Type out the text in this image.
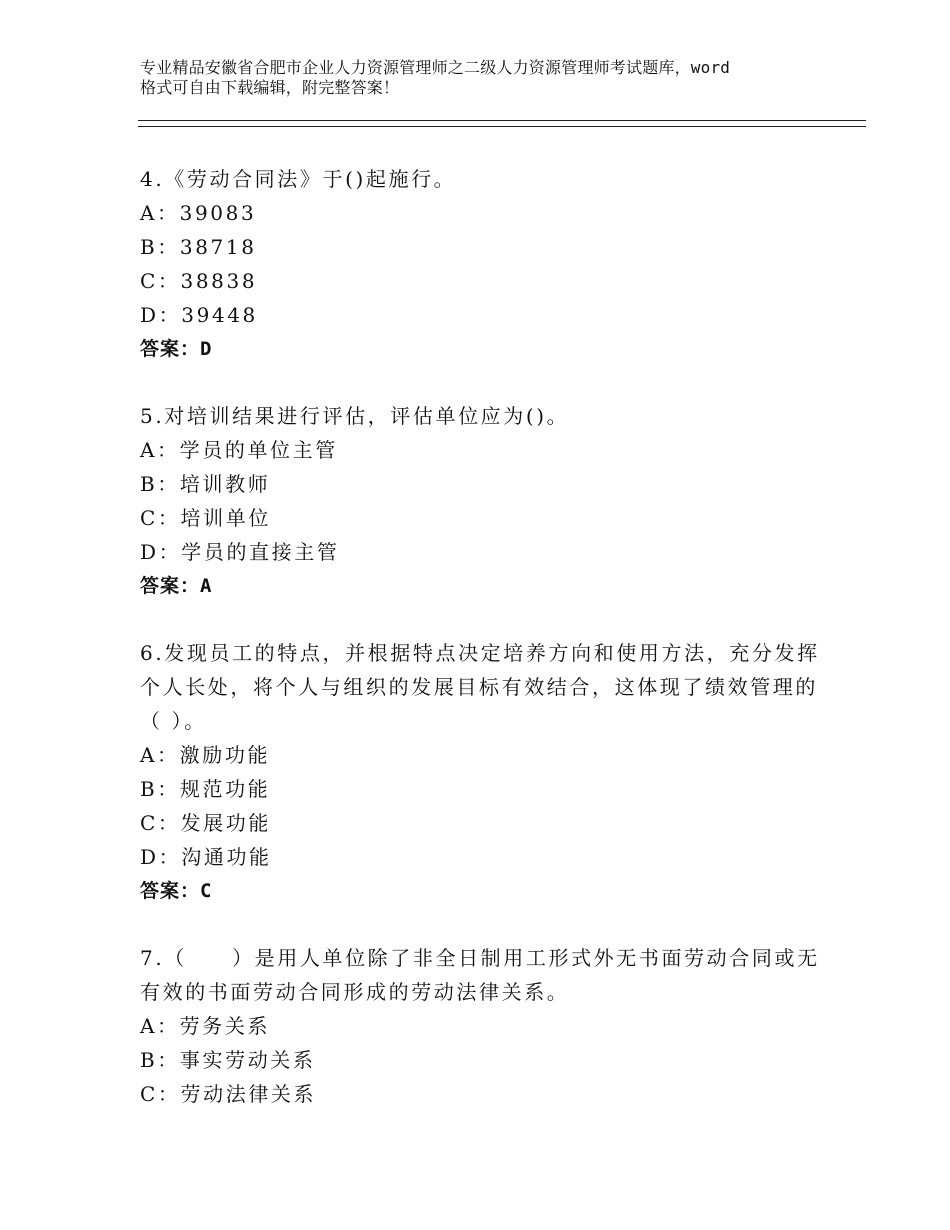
专业精品安徽省合肥市企业人力资源管理师之二级人力资源管理师考试题库，word
格式可自由下载编辑，附完整答案！
4.《劳动合同法》于()起施行。
A： 39083
B： 38718
C： 38838
D： 39448
答案：D
5.对培训结果进行评估，评估单位应为()。
A： 学员的单位主管
B： 培训教师
C： 培训单位
D： 学员的直接主管
答案：A
6.发现员工的特点，并根据特点决定培养方向和使用方法，充分发挥个人长处，将个人与组织的发展目标有效结合，这体现了绩效管理的（ ）。
A： 激励功能
B： 规范功能
C： 发展功能
D： 沟通功能
答案：C
7.（　　）是用人单位除了非全日制用工形式外无书面劳动合同或无有效的书面劳动合同形成的劳动法律关系。
A： 劳务关系
B： 事实劳动关系
C： 劳动法律关系
